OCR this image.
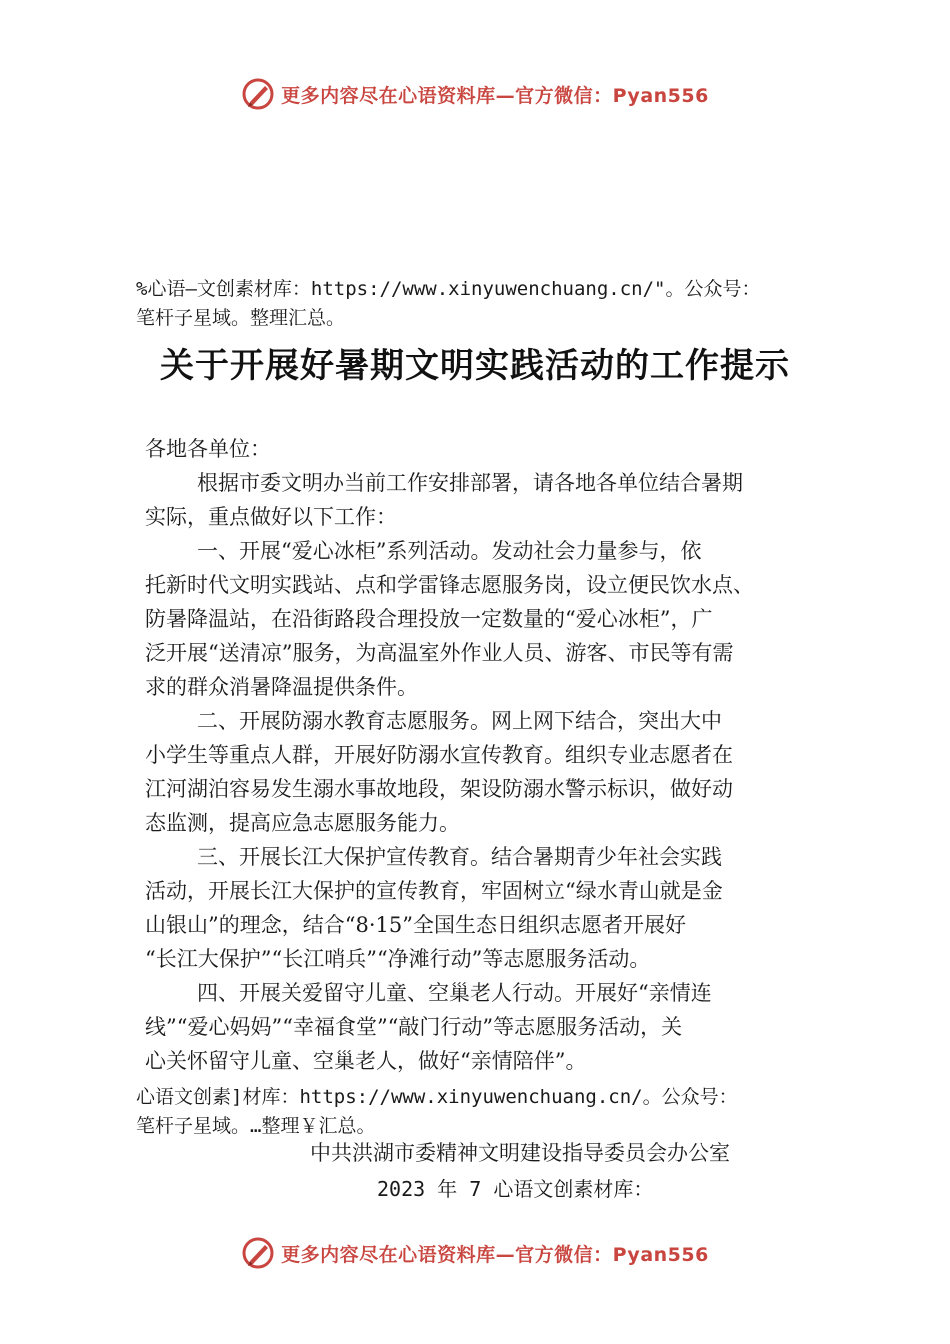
更多内容尽在心语资料库—官方微信：Pyan556
%心语—文创素材库：https://www.xinyuwenchuang.cn/"。公众号：
笔杆子星域。整理汇总。
关于开展好暑期文明实践活动的工作提示
各地各单位：
根据市委文明办当前工作安排部署，请各地各单位结合暑期
实际，重点做好以下工作：
一、开展“爱心冰柜”系列活动。发动社会力量参与，依
托新时代文明实践站、点和学雷锋志愿服务岗，设立便民饮水点、
防暑降温站，在沿街路段合理投放一定数量的“爱心冰柜”，广
泛开展“送清凉”服务，为高温室外作业人员、游客、市民等有需
求的群众消暑降温提供条件。
二、开展防溺水教育志愿服务。网上网下结合，突出大中
小学生等重点人群，开展好防溺水宣传教育。组织专业志愿者在
江河湖泊容易发生溺水事故地段，架设防溺水警示标识，做好动
态监测，提高应急志愿服务能力。
三、开展长江大保护宣传教育。结合暑期青少年社会实践
活动，开展长江大保护的宣传教育，牢固树立“绿水青山就是金
山银山”的理念，结合“8·15”全国生态日组织志愿者开展好
“长江大保护”“长江哨兵”“净滩行动”等志愿服务活动。
四、开展关爱留守儿童、空巢老人行动。开展好“亲情连
线”“爱心妈妈”“幸福食堂”“敲门行动”等志愿服务活动，关
心关怀留守儿童、空巢老人，做好“亲情陪伴”。
心语文创素]材库：https://www.xinyuwenchuang.cn/。公众号：
笔杆子星域。…整理￥汇总。
中共洪湖市委精神文明建设指导委员会办公室
2023 年 7 心语文创素材库：
更多内容尽在心语资料库—官方微信：Pyan556
